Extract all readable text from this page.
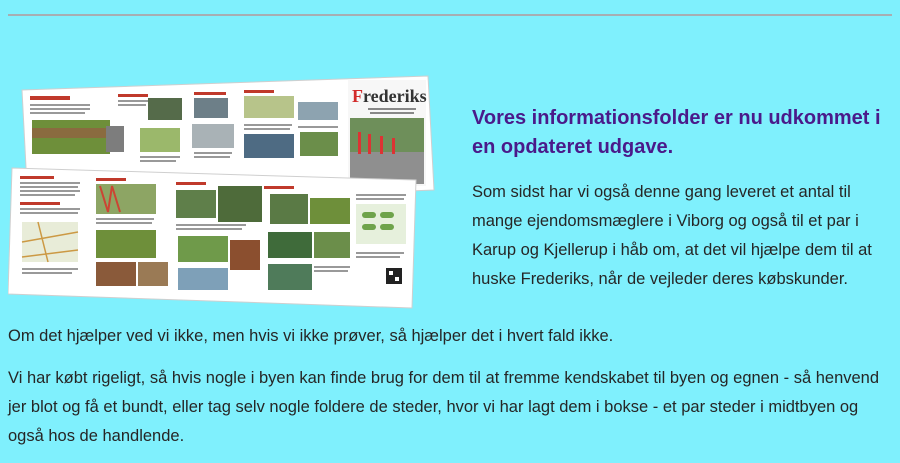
Frederiks
Vores informationsfolder er nu udkommet i en opdateret udgave.

Som sidst har vi også denne gang leveret et antal til mange ejendomsmæglere i Viborg og også til et par i Karup og Kjellerup i håb om, at det vil hjælpe dem til at huske Frederiks, når de vejleder deres købskunder.

Om det hjælper ved vi ikke, men hvis vi ikke prøver, så hjælper det i hvert fald ikke.

Vi har købt rigeligt, så hvis nogle i byen kan finde brug for dem til at fremme kendskabet til byen og egnen - så henvend jer blot og få et bundt, eller tag selv nogle foldere de steder, hvor vi har lagt dem i bokse - et par steder i midtbyen og også hos de handlende.
